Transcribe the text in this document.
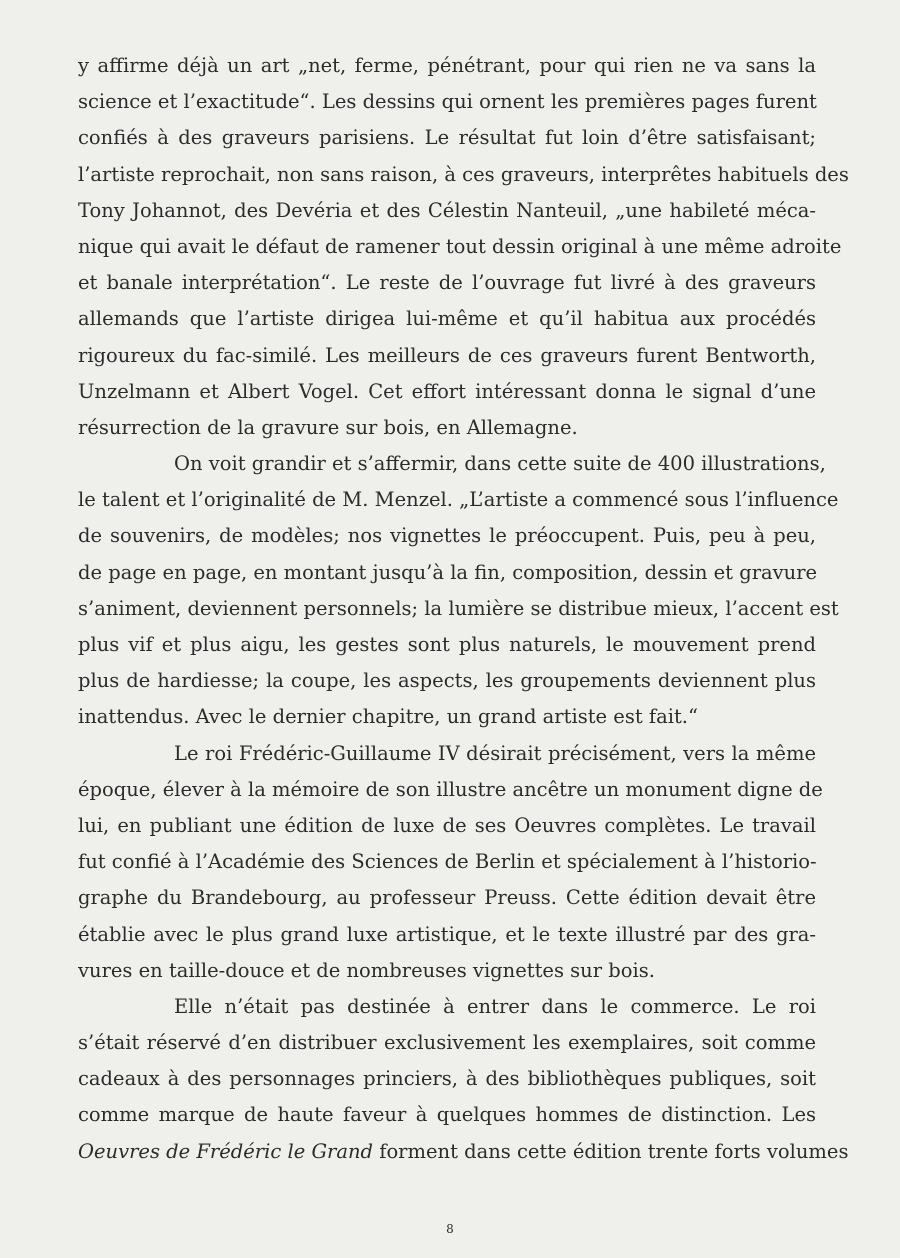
y affirme déjà un art „net, ferme, pénétrant, pour qui rien ne va sans la
science et l’exactitude“. Les dessins qui ornent les premières pages furent
confiés à des graveurs parisiens. Le résultat fut loin d’être satisfaisant;
l’artiste reprochait, non sans raison, à ces graveurs, interprêtes habituels des
Tony Johannot, des Devéria et des Célestin Nanteuil, „une habileté méca-
nique qui avait le défaut de ramener tout dessin original à une même adroite
et banale interprétation“. Le reste de l’ouvrage fut livré à des graveurs
allemands que l’artiste dirigea lui-même et qu’il habitua aux procédés
rigoureux du fac-similé. Les meilleurs de ces graveurs furent Bentworth,
Unzelmann et Albert Vogel. Cet effort intéressant donna le signal d’une
résurrection de la gravure sur bois, en Allemagne.
On voit grandir et s’affermir, dans cette suite de 400 illustrations,
le talent et l’originalité de M. Menzel. „L’artiste a commencé sous l’influence
de souvenirs, de modèles; nos vignettes le préoccupent. Puis, peu à peu,
de page en page, en montant jusqu’à la fin, composition, dessin et gravure
s’animent, deviennent personnels; la lumière se distribue mieux, l’accent est
plus vif et plus aigu, les gestes sont plus naturels, le mouvement prend
plus de hardiesse; la coupe, les aspects, les groupements deviennent plus
inattendus. Avec le dernier chapitre, un grand artiste est fait.“
Le roi Frédéric-Guillaume IV désirait précisément, vers la même
époque, élever à la mémoire de son illustre ancêtre un monument digne de
lui, en publiant une édition de luxe de ses Oeuvres complètes. Le travail
fut confié à l’Académie des Sciences de Berlin et spécialement à l’historio-
graphe du Brandebourg, au professeur Preuss. Cette édition devait être
établie avec le plus grand luxe artistique, et le texte illustré par des gra-
vures en taille-douce et de nombreuses vignettes sur bois.
Elle n’était pas destinée à entrer dans le commerce. Le roi
s’était réservé d’en distribuer exclusivement les exemplaires, soit comme
cadeaux à des personnages princiers, à des bibliothèques publiques, soit
comme marque de haute faveur à quelques hommes de distinction. Les
Oeuvres de Frédéric le Grand forment dans cette édition trente forts volumes
8
